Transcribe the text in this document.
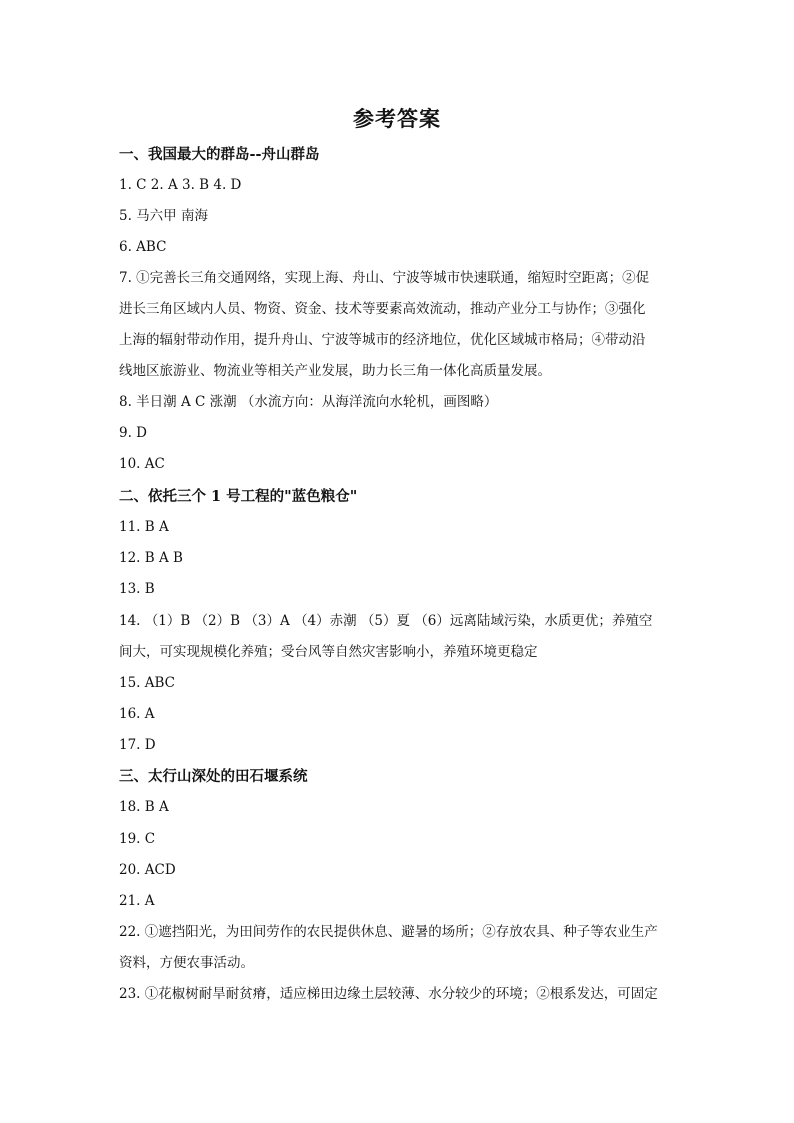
参考答案
一、我国最大的群岛--舟山群岛
1. C 2. A 3. B 4. D
5. 马六甲 南海
6. ABC
7. ①完善长三角交通网络，实现上海、舟山、宁波等城市快速联通，缩短时空距离；②促
进长三角区域内人员、物资、资金、技术等要素高效流动，推动产业分工与协作；③强化
上海的辐射带动作用，提升舟山、宁波等城市的经济地位，优化区域城市格局；④带动沿
线地区旅游业、物流业等相关产业发展，助力长三角一体化高质量发展。
8. 半日潮 A C 涨潮 （水流方向：从海洋流向水轮机，画图略）
9. D
10. AC
二、依托三个 1 号工程的"蓝色粮仓"
11. B A
12. B A B
13. B
14. （1）B （2）B （3）A （4）赤潮 （5）夏 （6）远离陆域污染，水质更优；养殖空
间大，可实现规模化养殖；受台风等自然灾害影响小，养殖环境更稳定
15. ABC
16. A
17. D
三、太行山深处的田石堰系统
18. B A
19. C
20. ACD
21. A
22. ①遮挡阳光，为田间劳作的农民提供休息、避暑的场所；②存放农具、种子等农业生产
资料，方便农事活动。
23. ①花椒树耐旱耐贫瘠，适应梯田边缘土层较薄、水分较少的环境；②根系发达，可固定
